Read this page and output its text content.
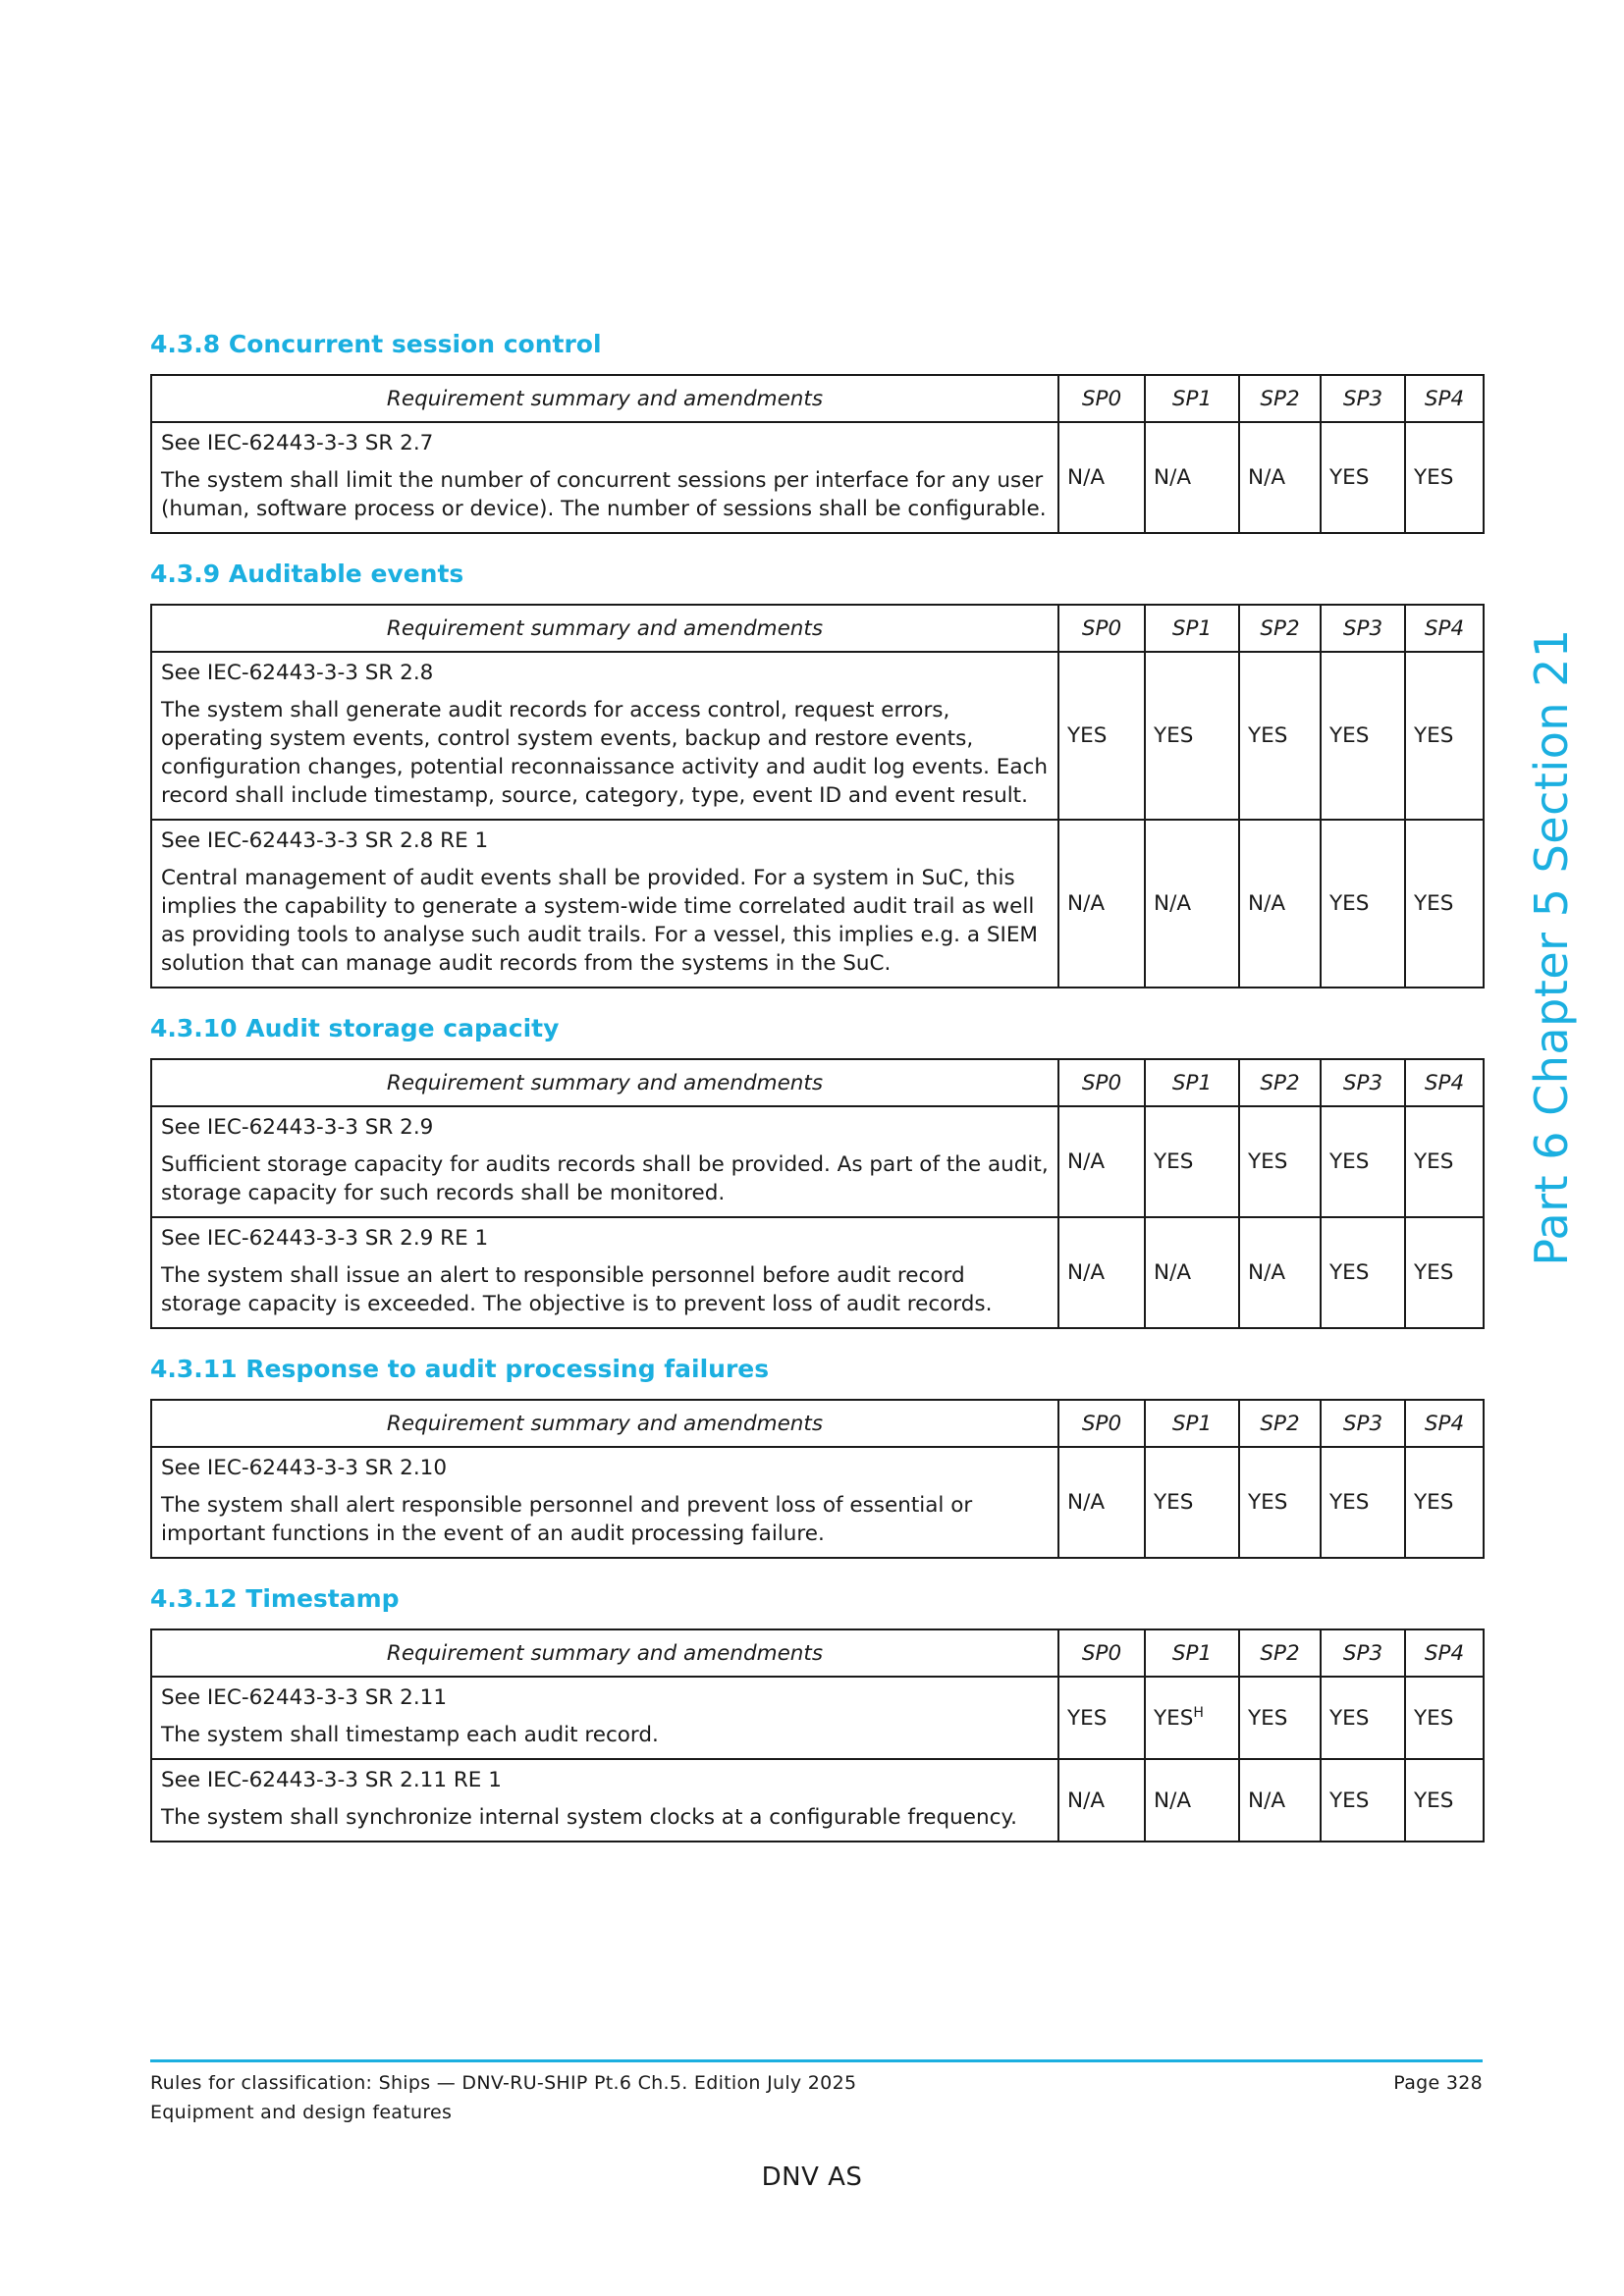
Part 6 Chapter 5 Section 21
4.3.8 Concurrent session control
Requirement summary and amendments	SP0	SP1	SP2	SP3	SP4

See IEC-62443-3-3 SR 2.7

The system shall limit the number of concurrent sessions per interface for any user (human, software process or device). The number of sessions shall be configurable.	N/A	N/A	N/A	YES	YES
4.3.9 Auditable events
Requirement summary and amendments	SP0	SP1	SP2	SP3	SP4

See IEC-62443-3-3 SR 2.8

The system shall generate audit records for access control, request errors, operating system events, control system events, backup and restore events, configuration changes, potential reconnaissance activity and audit log events. Each record shall include timestamp, source, category, type, event ID and event result.	YES	YES	YES	YES	YES

See IEC-62443-3-3 SR 2.8 RE 1

Central management of audit events shall be provided. For a system in SuC, this implies the capability to generate a system-wide time correlated audit trail as well as providing tools to analyse such audit trails. For a vessel, this implies e.g. a SIEM solution that can manage audit records from the systems in the SuC.	N/A	N/A	N/A	YES	YES
4.3.10 Audit storage capacity
Requirement summary and amendments	SP0	SP1	SP2	SP3	SP4

See IEC-62443-3-3 SR 2.9

Sufficient storage capacity for audits records shall be provided. As part of the audit, storage capacity for such records shall be monitored.	N/A	YES	YES	YES	YES

See IEC-62443-3-3 SR 2.9 RE 1

The system shall issue an alert to responsible personnel before audit record storage capacity is exceeded. The objective is to prevent loss of audit records.	N/A	N/A	N/A	YES	YES
4.3.11 Response to audit processing failures
Requirement summary and amendments	SP0	SP1	SP2	SP3	SP4

See IEC-62443-3-3 SR 2.10

The system shall alert responsible personnel and prevent loss of essential or important functions in the event of an audit processing failure.	N/A	YES	YES	YES	YES
4.3.12 Timestamp
Requirement summary and amendments	SP0	SP1	SP2	SP3	SP4

See IEC-62443-3-3 SR 2.11

The system shall timestamp each audit record.	YES	$YES^H$	YES	YES	YES

See IEC-62443-3-3 SR 2.11 RE 1

The system shall synchronize internal system clocks at a configurable frequency.	N/A	N/A	N/A	YES	YES
Rules for classification: Ships — DNV-RU-SHIP Pt.6 Ch.5. Edition July 2025	Page 328
Equipment and design features
DNV AS
